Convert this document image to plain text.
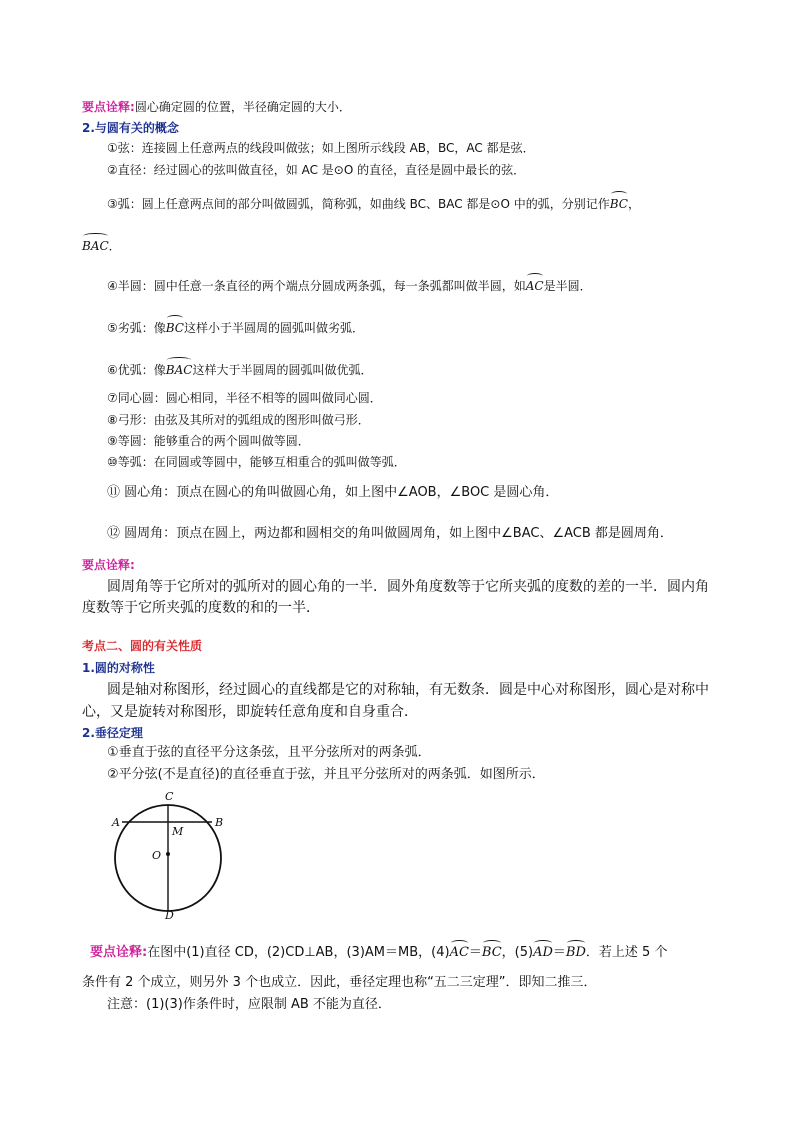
要点诠释:圆心确定圆的位置，半径确定圆的大小．
2.与圆有关的概念
①弦：连接圆上任意两点的线段叫做弦；如上图所示线段 AB，BC，AC 都是弦．
②直径：经过圆心的弦叫做直径，如 AC 是⊙O 的直径，直径是圆中最长的弦．
③弧：圆上任意两点间的部分叫做圆弧，简称弧，如曲线 BC、BAC 都是⊙O 中的弧，分别记作BC，
BAC．
④半圆：圆中任意一条直径的两个端点分圆成两条弧，每一条弧都叫做半圆，如AC是半圆．
⑤劣弧：像BC这样小于半圆周的圆弧叫做劣弧．
⑥优弧：像BAC这样大于半圆周的圆弧叫做优弧．
⑦同心圆：圆心相同，半径不相等的圆叫做同心圆．
⑧弓形：由弦及其所对的弧组成的图形叫做弓形．
⑨等圆：能够重合的两个圆叫做等圆．
⑩等弧：在同圆或等圆中，能够互相重合的弧叫做等弧．
⑪ 圆心角：顶点在圆心的角叫做圆心角，如上图中∠AOB，∠BOC 是圆心角．
⑫ 圆周角：顶点在圆上，两边都和圆相交的角叫做圆周角，如上图中∠BAC、∠ACB 都是圆周角．
要点诠释:
圆周角等于它所对的弧所对的圆心角的一半．圆外角度数等于它所夹弧的度数的差的一半．圆内角
度数等于它所夹弧的度数的和的一半．
考点二、圆的有关性质
1.圆的对称性
圆是轴对称图形，经过圆心的直线都是它的对称轴，有无数条．圆是中心对称图形，圆心是对称中
心，又是旋转对称图形，即旋转任意角度和自身重合．
2.垂径定理
①垂直于弦的直径平分这条弦，且平分弦所对的两条弧．
②平分弦(不是直径)的直径垂直于弦，并且平分弦所对的两条弧．如图所示．
C
A	B
M
O
D
要点诠释:在图中(1)直径 CD，(2)CD⊥AB，(3)AM＝MB，(4)AC＝BC，(5)AD＝BD．若上述 5 个
条件有 2 个成立，则另外 3 个也成立．因此，垂径定理也称“五二三定理”．即知二推三．
注意：(1)(3)作条件时，应限制 AB 不能为直径．
